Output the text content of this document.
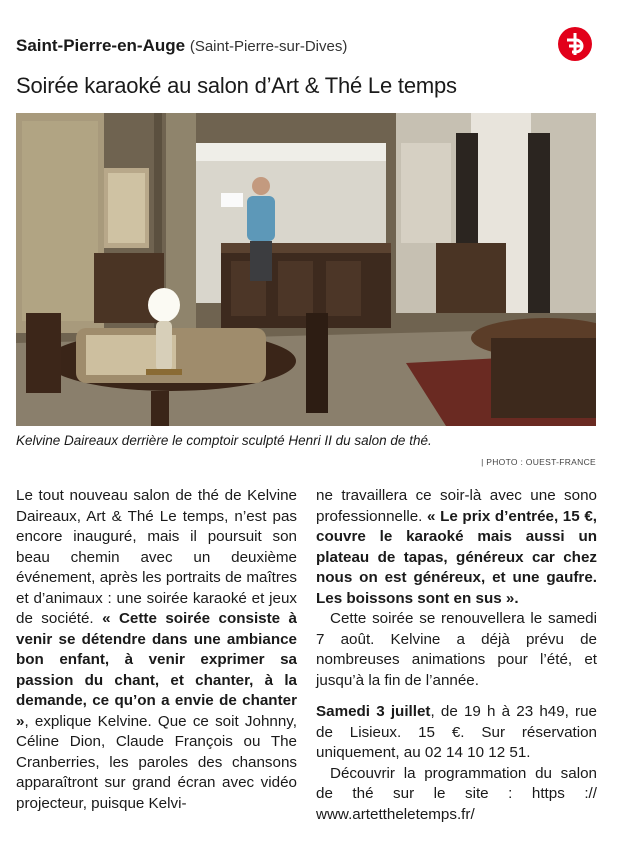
Saint-Pierre-en-Auge (Saint-Pierre-sur-Dives)
Soirée karaoké au salon d’Art & Thé Le temps
Kelvine Daireaux derrière le comptoir sculpté Henri II du salon de thé.
| PHOTO : OUEST-FRANCE

Le tout nouveau salon de thé de Kelvine Daireaux, Art & Thé Le temps, n’est pas encore inauguré, mais il poursuit son beau chemin avec un deuxième événement, après les portraits de maîtres et d’animaux : une soirée karaoké et jeux de société. « Cette soirée consiste à venir se détendre dans une ambiance bon enfant, à venir exprimer sa passion du chant, et chanter, à la demande, ce qu’on a envie de chanter », explique Kelvine. Que ce soit Johnny, Céline Dion, Claude François ou The Cranberries, les paroles des chansons apparaîtront sur grand écran avec vidéo projecteur, puisque Kelvi-

ne travaillera ce soir-là avec une sono professionnelle. « Le prix d’entrée, 15 €, couvre le karaoké mais aussi un plateau de tapas, généreux car chez nous on est généreux, et une gaufre. Les boissons sont en sus ».

Cette soirée se renouvellera le samedi 7 août. Kelvine a déjà prévu de nombreuses animations pour l’été, et jusqu’à la fin de l’année.

Samedi 3 juillet, de 19 h à 23 h49, rue de Lisieux. 15 €. Sur réservation uniquement, au 02 14 10 12 51.

Découvrir la programmation du salon de thé sur le site : https :// www.artettheletemps.fr/
